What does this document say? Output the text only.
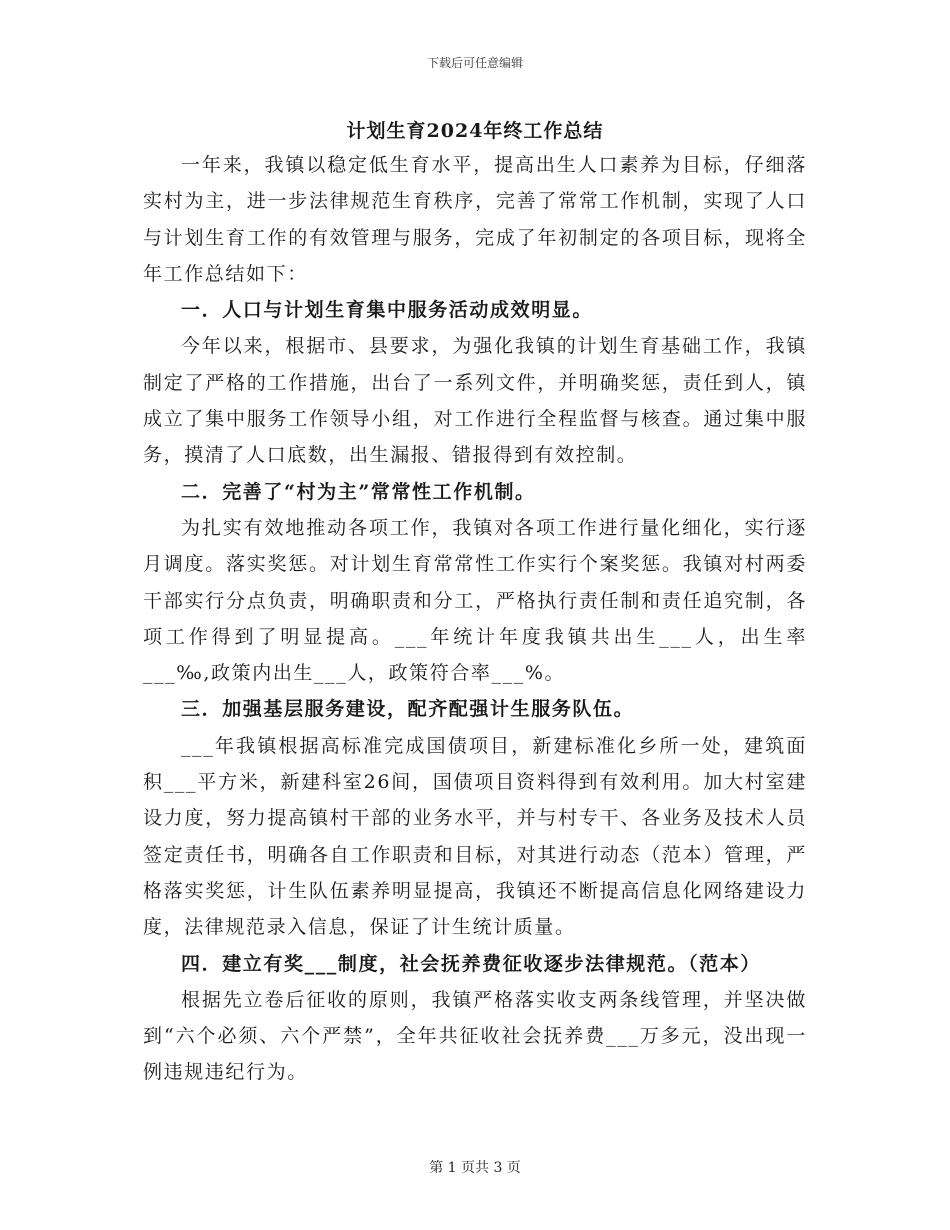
下载后可任意编辑
计划生育2024年终工作总结

一年来，我镇以稳定低生育水平，提高出生人口素养为目标，仔细落实村为主，进一步法律规范生育秩序，完善了常常工作机制，实现了人口与计划生育工作的有效管理与服务，完成了年初制定的各项目标，现将全年工作总结如下：

一．人口与计划生育集中服务活动成效明显。

今年以来，根据市、县要求，为强化我镇的计划生育基础工作，我镇制定了严格的工作措施，出台了一系列文件，并明确奖惩，责任到人，镇成立了集中服务工作领导小组，对工作进行全程监督与核查。通过集中服务，摸清了人口底数，出生漏报、错报得到有效控制。

二．完善了“村为主”常常性工作机制。

为扎实有效地推动各项工作，我镇对各项工作进行量化细化，实行逐月调度。落实奖惩。对计划生育常常性工作实行个案奖惩。我镇对村两委干部实行分点负责，明确职责和分工，严格执行责任制和责任追究制，各项工作得到了明显提高。___年统计年度我镇共出生___人，出生率___‰,政策内出生___人，政策符合率___%。

三．加强基层服务建设，配齐配强计生服务队伍。

___年我镇根据高标准完成国债项目，新建标准化乡所一处，建筑面积___平方米，新建科室26间，国债项目资料得到有效利用。加大村室建设力度，努力提高镇村干部的业务水平，并与村专干、各业务及技术人员签定责任书，明确各自工作职责和目标，对其进行动态（范本）管理，严格落实奖惩，计生队伍素养明显提高，我镇还不断提高信息化网络建设力度，法律规范录入信息，保证了计生统计质量。

四．建立有奖___制度，社会抚养费征收逐步法律规范。（范本）

根据先立卷后征收的原则，我镇严格落实收支两条线管理，并坚决做到“六个必须、六个严禁”，全年共征收社会抚养费___万多元，没出现一例违规违纪行为。

第 1 页共 3 页
